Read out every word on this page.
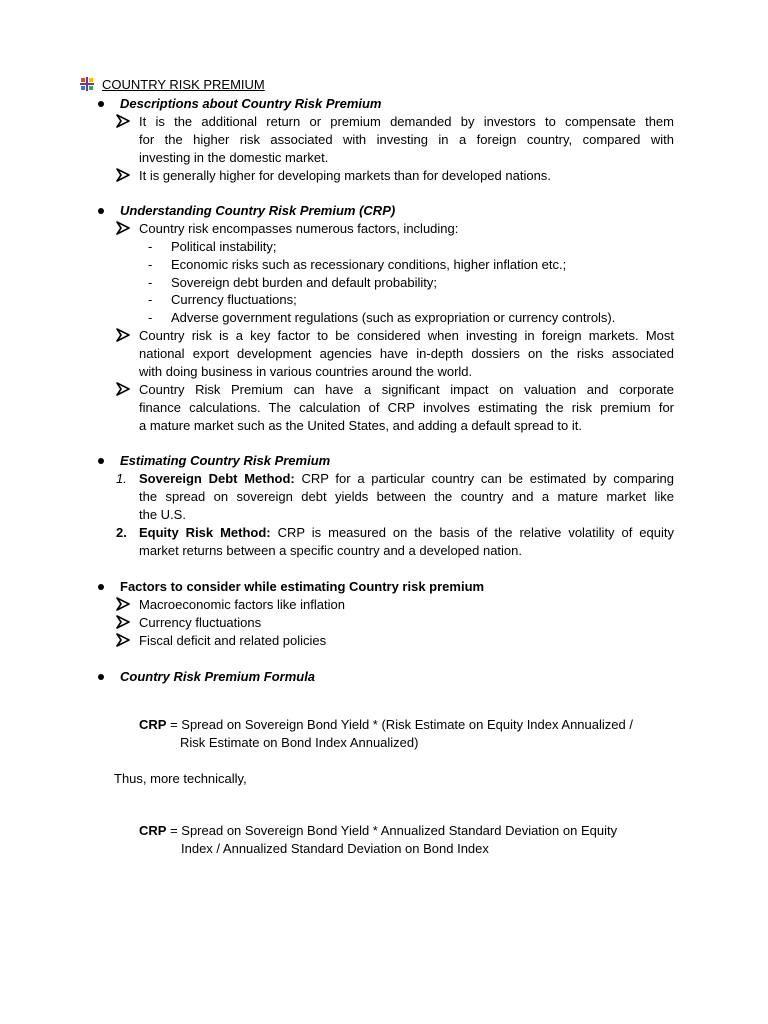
COUNTRY RISK PREMIUM
Descriptions about Country Risk Premium
It is the additional return or premium demanded by investors to compensate them
for the higher risk associated with investing in a foreign country, compared with
investing in the domestic market.
It is generally higher for developing markets than for developed nations.
Understanding Country Risk Premium (CRP)
Country risk encompasses numerous factors, including:
- Political instability;
- Economic risks such as recessionary conditions, higher inflation etc.;
- Sovereign debt burden and default probability;
- Currency fluctuations;
- Adverse government regulations (such as expropriation or currency controls).
Country risk is a key factor to be considered when investing in foreign markets. Most
national export development agencies have in-depth dossiers on the risks associated
with doing business in various countries around the world.
Country Risk Premium can have a significant impact on valuation and corporate
finance calculations. The calculation of CRP involves estimating the risk premium for
a mature market such as the United States, and adding a default spread to it.
Estimating Country Risk Premium
1. Sovereign Debt Method: CRP for a particular country can be estimated by comparing
the spread on sovereign debt yields between the country and a mature market like
the U.S.
2. Equity Risk Method: CRP is measured on the basis of the relative volatility of equity
market returns between a specific country and a developed nation.
Factors to consider while estimating Country risk premium
Macroeconomic factors like inflation
Currency fluctuations
Fiscal deficit and related policies
Country Risk Premium Formula
CRP = Spread on Sovereign Bond Yield * (Risk Estimate on Equity Index Annualized /
Risk Estimate on Bond Index Annualized)
Thus, more technically,
CRP = Spread on Sovereign Bond Yield * Annualized Standard Deviation on Equity
Index / Annualized Standard Deviation on Bond Index
